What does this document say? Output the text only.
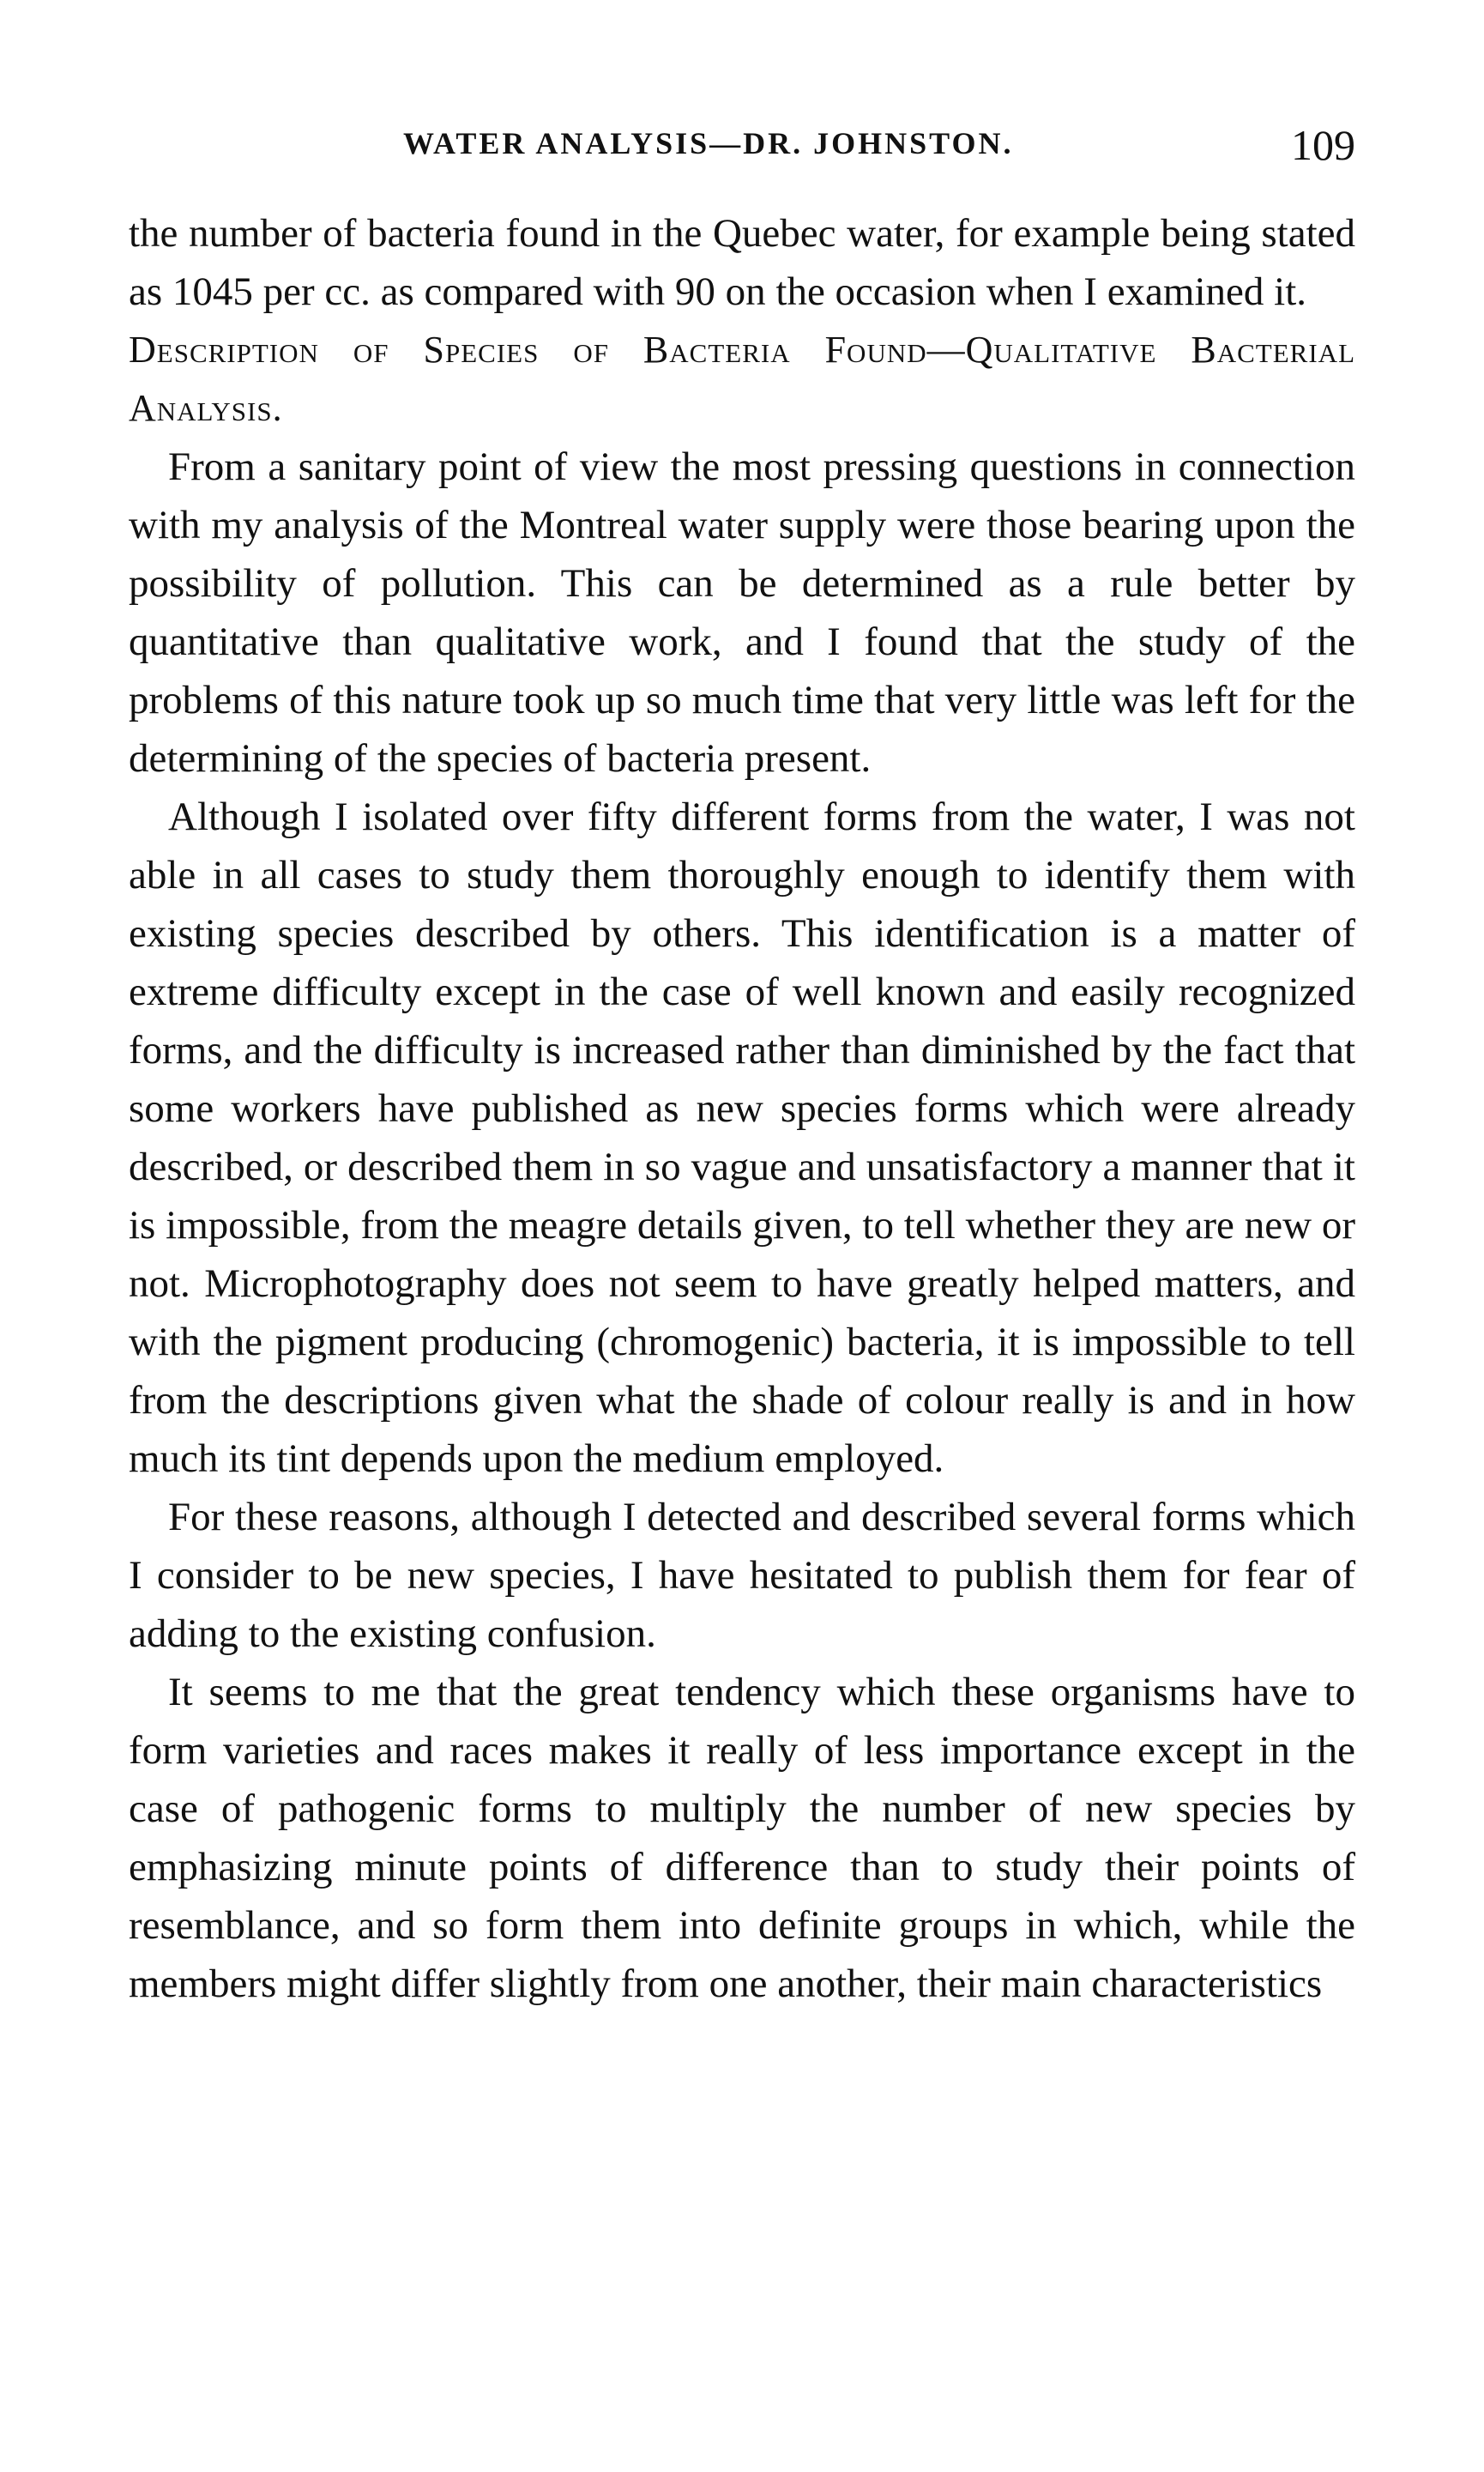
WATER ANALYSIS—DR. JOHNSTON.	109

the number of bacteria found in the Quebec water, for example being stated as 1045 per cc. as compared with 90 on the occasion when I examined it.

Description of Species of Bacteria Found—Qualitative Bacterial Analysis.

From a sanitary point of view the most pressing questions in connection with my analysis of the Montreal water supply were those bearing upon the possibility of pollution. This can be determined as a rule better by quantitative than qualitative work, and I found that the study of the problems of this nature took up so much time that very little was left for the determining of the species of bacteria present.

Although I isolated over fifty different forms from the water, I was not able in all cases to study them thoroughly enough to identify them with existing species described by others. This identification is a matter of extreme difficulty except in the case of well known and easily recognized forms, and the difficulty is increased rather than diminished by the fact that some workers have published as new species forms which were already described, or described them in so vague and unsatisfactory a manner that it is impossible, from the meagre details given, to tell whether they are new or not. Microphotography does not seem to have greatly helped matters, and with the pigment producing (chromogenic) bacteria, it is impossible to tell from the descriptions given what the shade of colour really is and in how much its tint depends upon the medium employed.

For these reasons, although I detected and described several forms which I consider to be new species, I have hesitated to publish them for fear of adding to the existing confusion.

It seems to me that the great tendency which these organisms have to form varieties and races makes it really of less importance except in the case of pathogenic forms to multiply the number of new species by emphasizing minute points of difference than to study their points of resemblance, and so form them into definite groups in which, while the members might differ slightly from one another, their main characteristics
